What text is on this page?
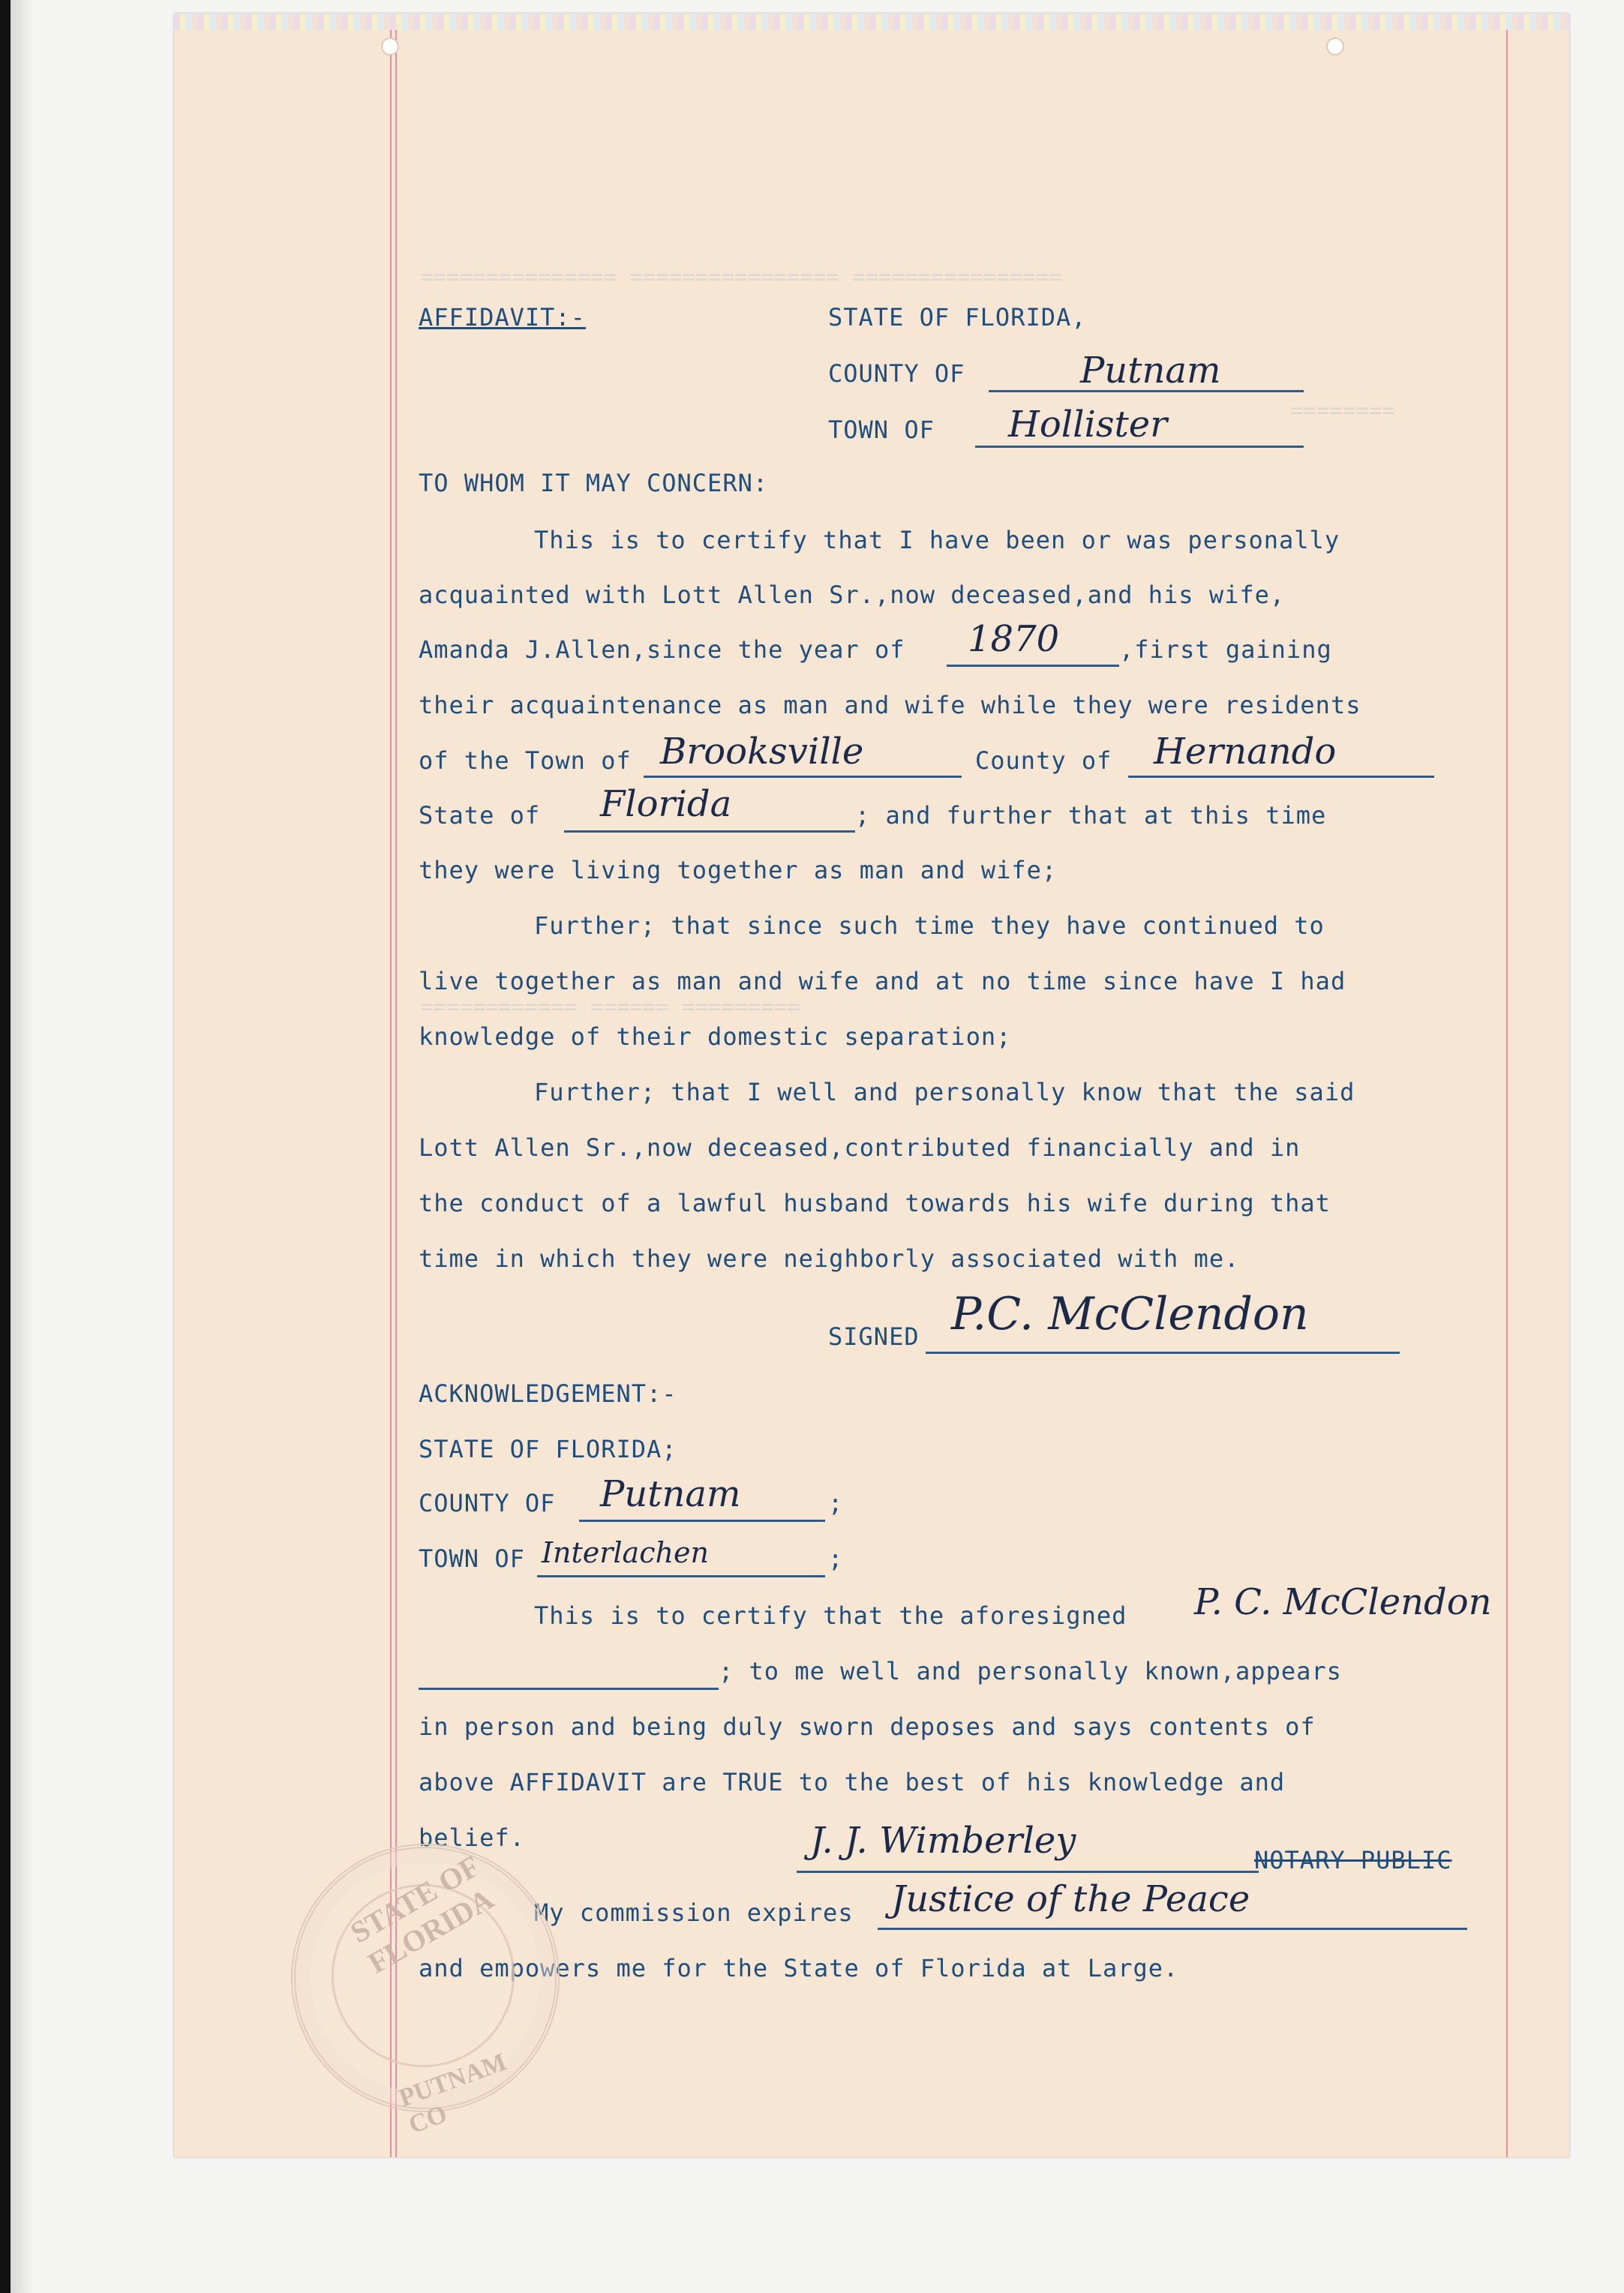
================ ================ ===============
========
========= ====== ============
AFFIDAVIT:-	STATE OF FLORIDA,
COUNTY OF	Putnam
TOWN OF Hollister
TO WHOM IT MAY CONCERN:
This is to certify that I have been or was personally
acquainted with Lott Allen Sr.,now deceased,and his wife,
Amanda J.Allen,since the year of 1870 ,first gaining
their acquaintenance as man and wife while they were residents
of the Town of Brooksville	County of Hernando
State of Florida	; and further that at this time
they were living together as man and wife;
Further; that since such time they have continued to
live together as man and wife and at no time since have I had
knowledge of their domestic separation;
Further; that I well and personally know that the said
Lott Allen Sr.,now deceased,contributed financially and in
the conduct of a lawful husband towards his wife during that
time in which they were neighborly associated with me.
SIGNED P.C. McClendon
ACKNOWLEDGEMENT:-
STATE OF FLORIDA;
COUNTY OF Putnam	;
TOWN OF Interlachen	;
This is to certify that the aforesigned P. C. McClendon
; to me well and personally known,appears
in person and being duly sworn deposes and says contents of
above AFFIDAVIT are TRUE to the best of his knowledge and
belief.	J. J. Wimberley	NOTARY PUBLIC
My commission expires Justice of the Peace
and empowers me for the State of Florida at Large.
STATE OF FLORIDA
PUTNAM CO
